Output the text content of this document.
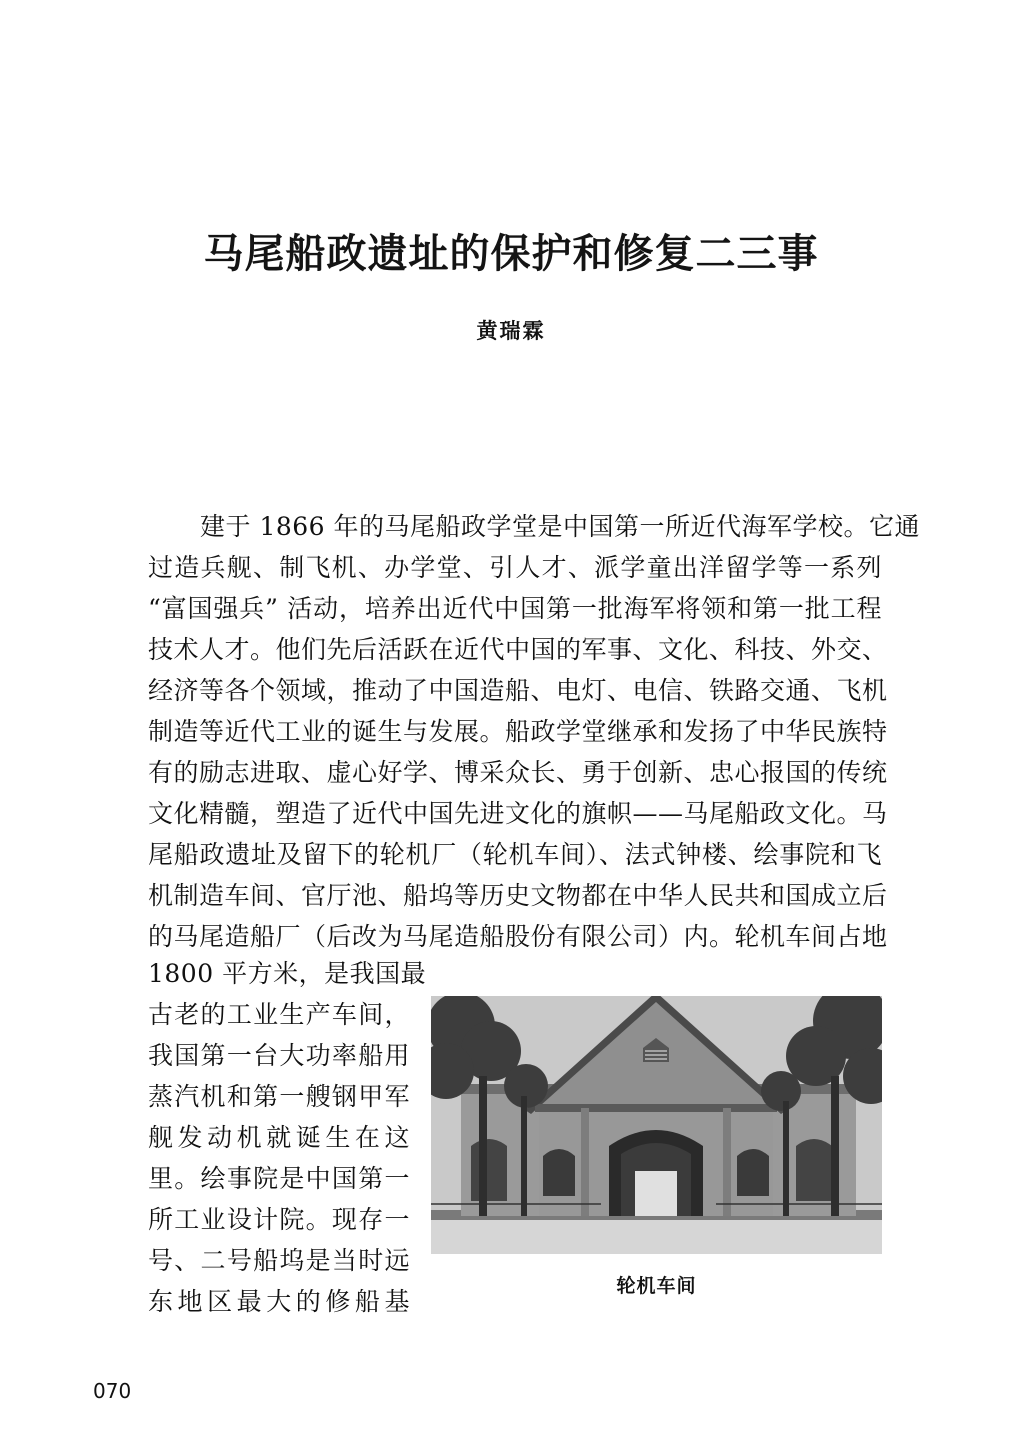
马尾船政遗址的保护和修复二三事
黄瑞霖
建于 1866 年的马尾船政学堂是中国第一所近代海军学校。它通
过造兵舰、制飞机、办学堂、引人才、派学童出洋留学等一系列
“富国强兵” 活动，培养出近代中国第一批海军将领和第一批工程
技术人才。他们先后活跃在近代中国的军事、文化、科技、外交、
经济等各个领域，推动了中国造船、电灯、电信、铁路交通、飞机
制造等近代工业的诞生与发展。船政学堂继承和发扬了中华民族特
有的励志进取、虚心好学、博采众长、勇于创新、忠心报国的传统
文化精髓，塑造了近代中国先进文化的旗帜——马尾船政文化。马
尾船政遗址及留下的轮机厂（轮机车间）、法式钟楼、绘事院和飞
机制造车间、官厅池、船坞等历史文物都在中华人民共和国成立后
的马尾造船厂（后改为马尾造船股份有限公司）内。轮机车间占地
1800 平方米，是我国最
古老的工业生产车间，
我国第一台大功率船用
蒸汽机和第一艘钢甲军
舰发动机就诞生在这
里。绘事院是中国第一
所工业设计院。现存一
号、二号船坞是当时远
东地区最大的修船基
轮机车间
070
